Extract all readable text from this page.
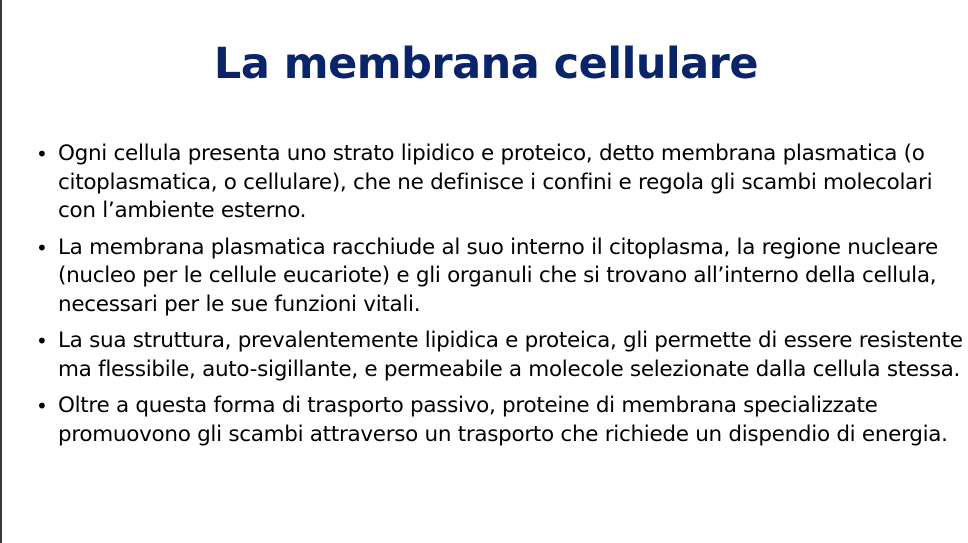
La membrana cellulare
• Ogni cellula presenta uno strato lipidico e proteico, detto membrana plasmatica (o citoplasmatica, o cellulare), che ne definisce i confini e regola gli scambi molecolari con l’ambiente esterno.
• La membrana plasmatica racchiude al suo interno il citoplasma, la regione nucleare (nucleo per le cellule eucariote) e gli organuli che si trovano all’interno della cellula, necessari per le sue funzioni vitali.
• La sua struttura, prevalentemente lipidica e proteica, gli permette di essere resistente ma flessibile, auto-sigillante, e permeabile a molecole selezionate dalla cellula stessa.
• Oltre a questa forma di trasporto passivo, proteine di membrana specializzate promuovono gli scambi attraverso un trasporto che richiede un dispendio di energia.
